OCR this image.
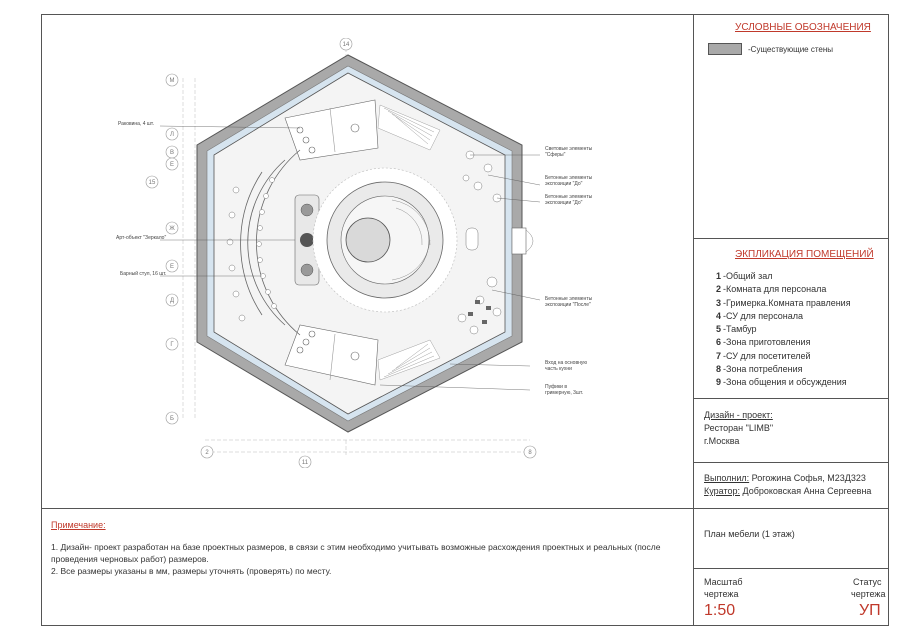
УСЛОВНЫЕ ОБОЗНАЧЕНИЯ
-Существующие стены
ЭКПЛИКАЦИЯ ПОМЕЩЕНИЙ
1 -Общий зал
2 -Комната для персонала
3 -Гримерка.Комната правления
4 -СУ для персонала
5 -Тамбур
6 -Зона приготовления
7 -СУ для посетителей
8 -Зона потребления
9 -Зона общения и обсуждения
Дизайн - проект:
Ресторан "LIMB"
г.Москва
Выполнил: Рогожина Софья, М23Д323
Куратор: Доброковская Анна Сергеевна
План мебели (1 этаж)
Масштаб
чертежа
1:50
Статус
чертежа
УП
Примечание:
1. Дизайн- проект разработан на базе проектных размеров, в связи с этим необходимо учитывать возможные расхождения проектных и реальных (после
проведения черновых работ) размеров.
2. Все размеры указаны в мм, размеры уточнять (проверять) по месту.
14
11
2	8
М
Л
В
Е
15
Ж
Е
Д
Г
Б
Раковина, 4 шт.
Арт-объект "Зеркало"
Барный стул, 16 шт.
Световые элементы
"Сферы"
Бетонные элементы
экспозиции "До"
Бетонные элементы
экспозиции "До"
Бетонные элементы
экспозиции "После"
Вход на основную
часть кухни
Пуфики в
гримерную, 3шт.
